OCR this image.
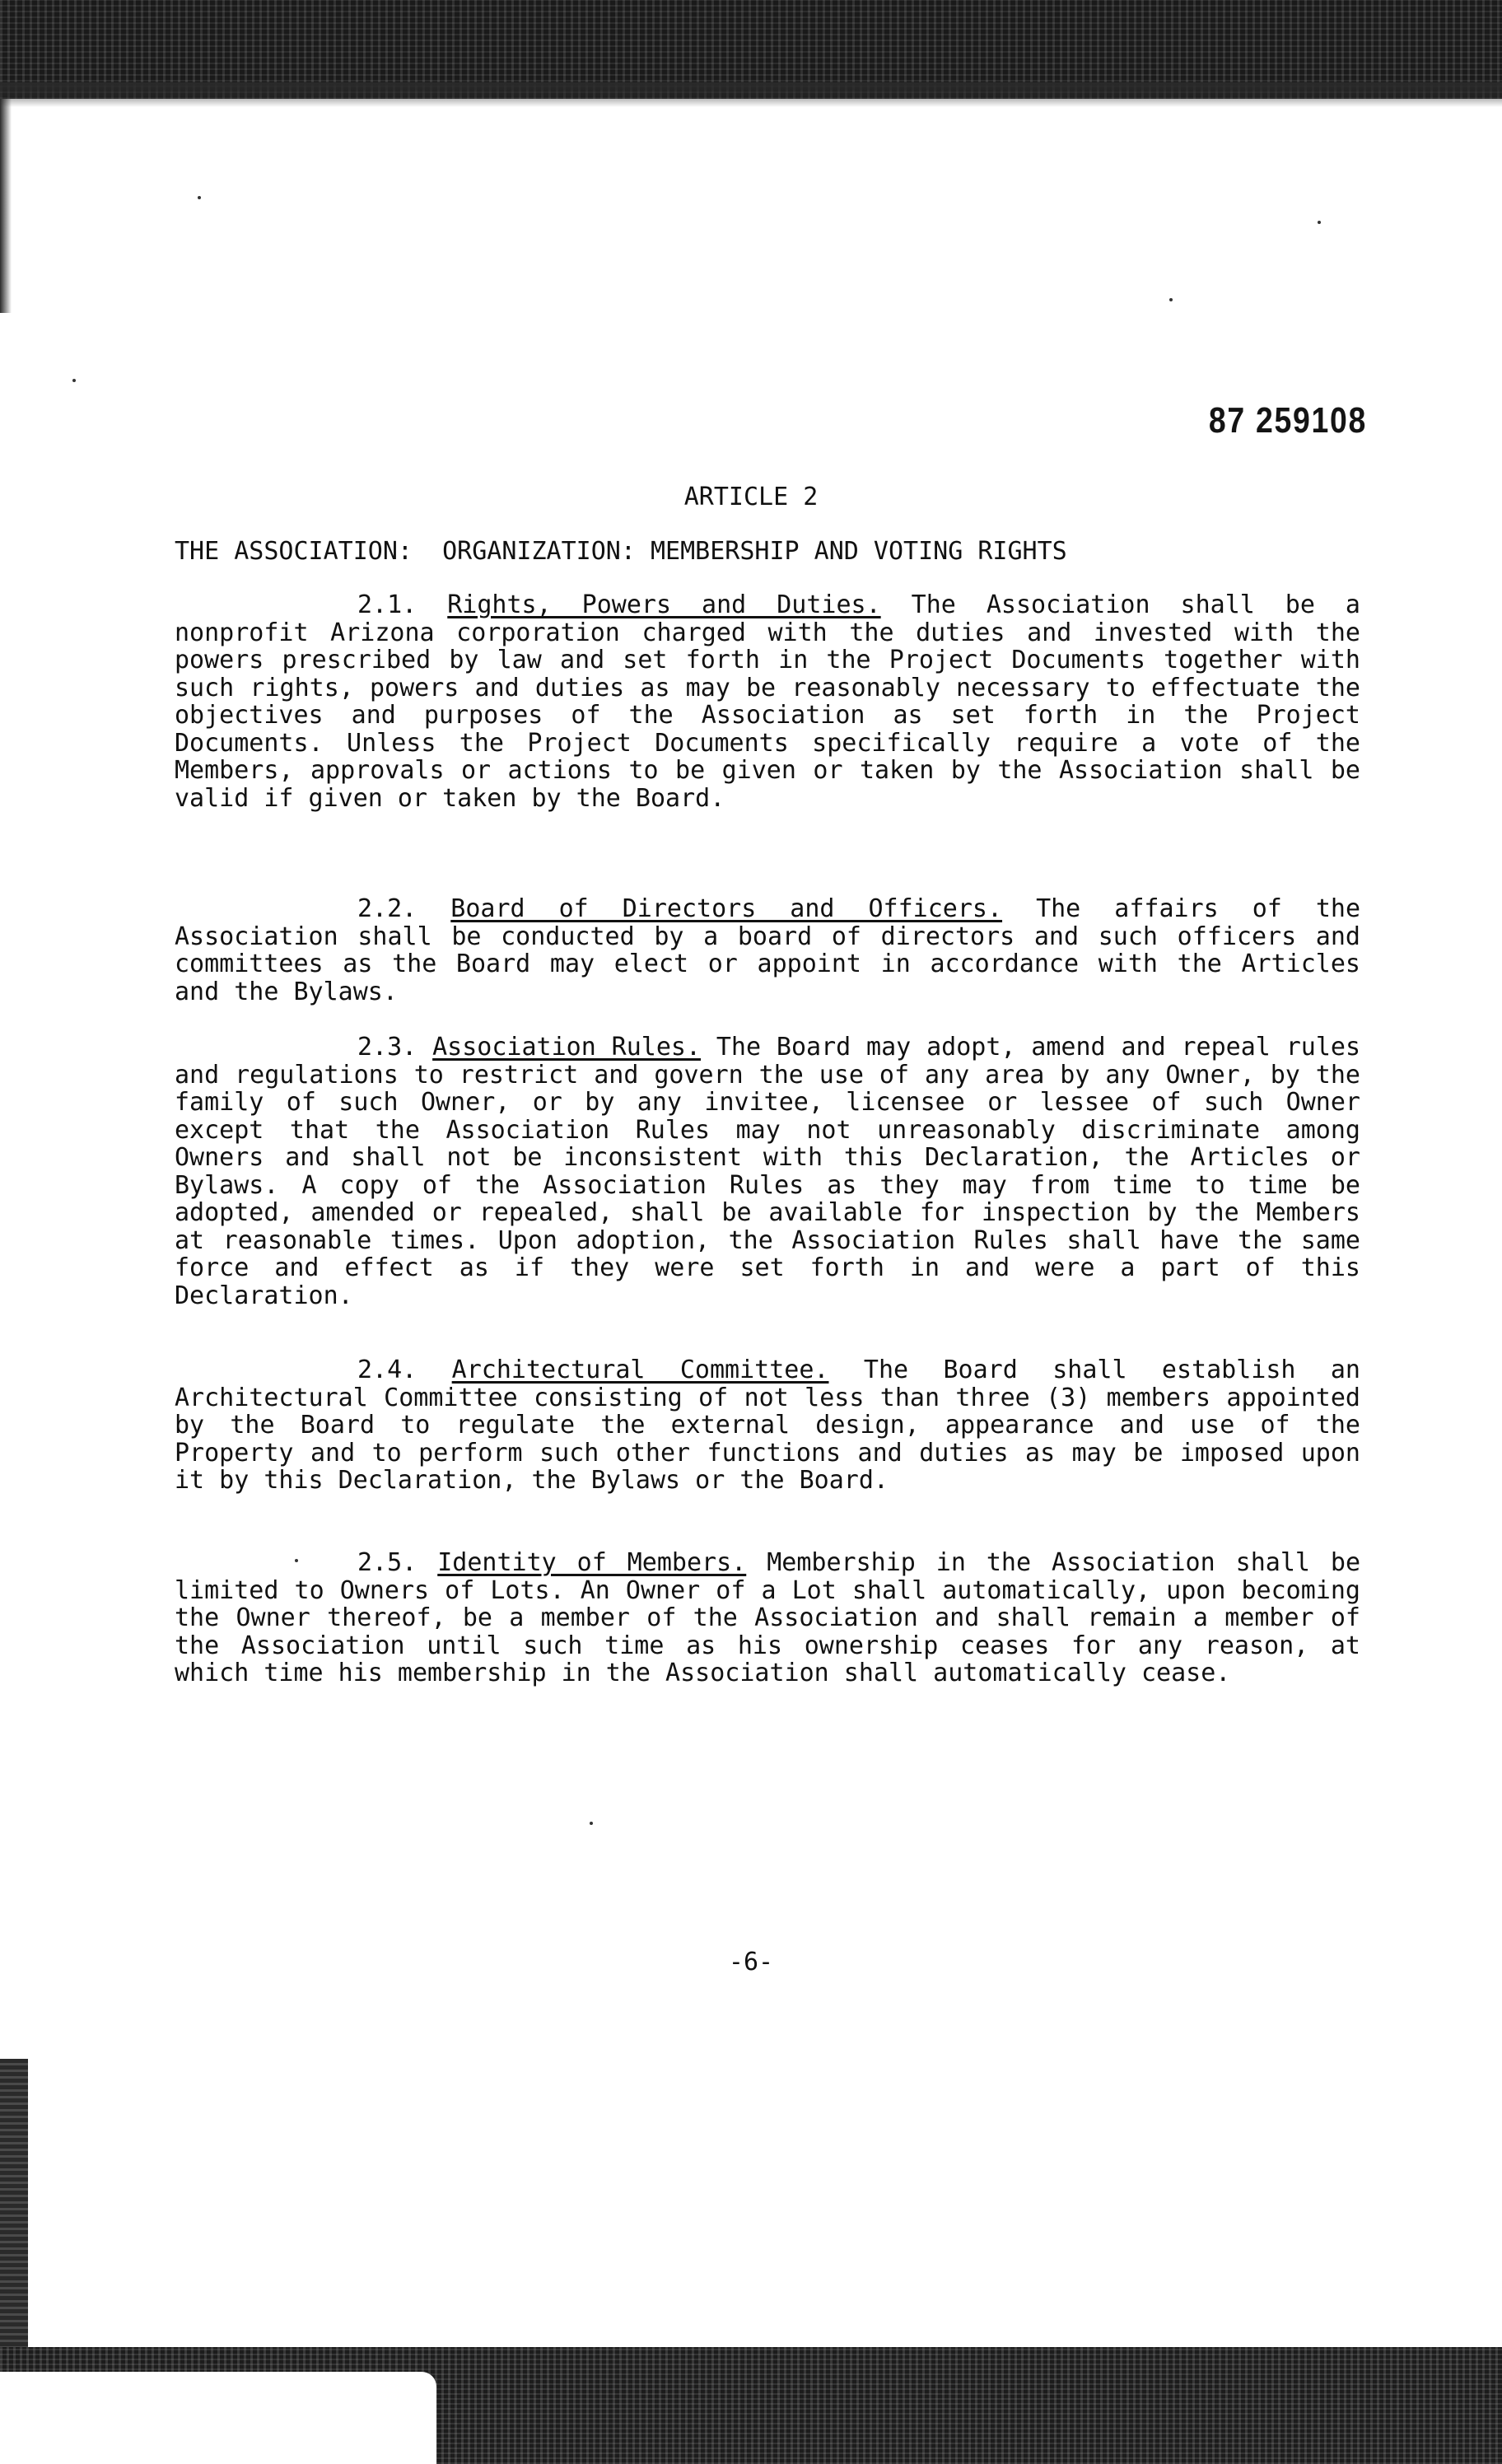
87 259108
ARTICLE 2
THE ASSOCIATION:  ORGANIZATION: MEMBERSHIP AND VOTING RIGHTS
2.1. Rights, Powers and Duties. The Association shall be a nonprofit Arizona corporation charged with the duties and invested with the powers prescribed by law and set forth in the Project Documents together with such rights, powers and duties as may be reasonably necessary to effectuate the objectives and purposes of the Association as set forth in the Project Documents. Unless the Project Documents specifically require a vote of the Members, approvals or actions to be given or taken by the Association shall be valid if given or taken by the Board.
2.2. Board of Directors and Officers. The affairs of the Association shall be conducted by a board of directors and such officers and committees as the Board may elect or appoint in accordance with the Articles and the Bylaws.
2.3. Association Rules. The Board may adopt, amend and repeal rules and regulations to restrict and govern the use of any area by any Owner, by the family of such Owner, or by any invitee, licensee or lessee of such Owner except that the Association Rules may not unreasonably discriminate among Owners and shall not be inconsistent with this Declaration, the Articles or Bylaws. A copy of the Association Rules as they may from time to time be adopted, amended or repealed, shall be available for inspection by the Members at reasonable times. Upon adoption, the Association Rules shall have the same force and effect as if they were set forth in and were a part of this Declaration.
2.4. Architectural Committee. The Board shall establish an Architectural Committee consisting of not less than three (3) members appointed by the Board to regulate the external design, appearance and use of the Property and to perform such other functions and duties as may be imposed upon it by this Declaration, the Bylaws or the Board.
2.5. Identity of Members. Membership in the Association shall be limited to Owners of Lots. An Owner of a Lot shall automatically, upon becoming the Owner thereof, be a member of the Association and shall remain a member of the Association until such time as his ownership ceases for any reason, at which time his membership in the Association shall automatically cease.
-6-
